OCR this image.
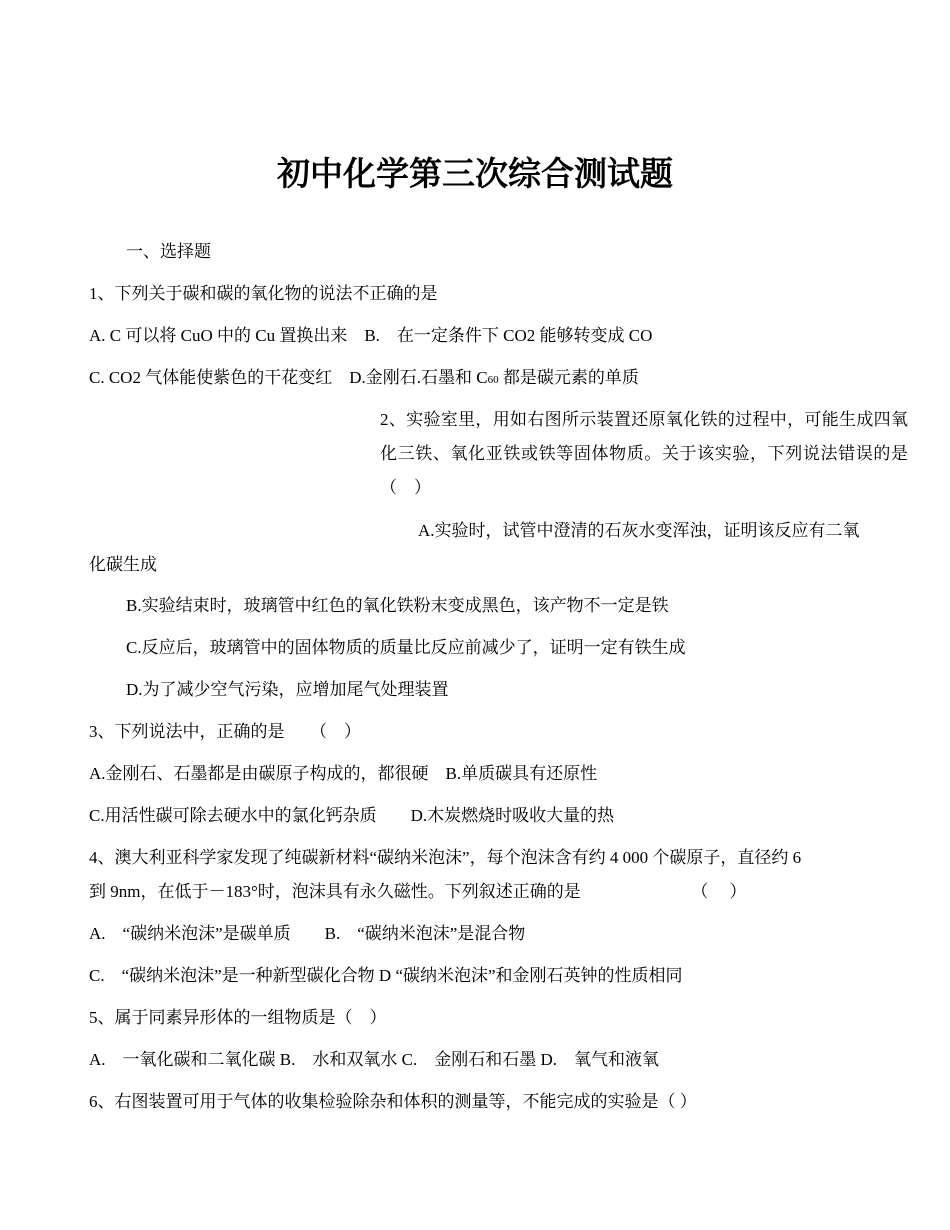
初中化学第三次综合测试题
一、选择题
1、下列关于碳和碳的氧化物的说法不正确的是
A. C 可以将 CuO 中的 Cu 置换出来　B.　在一定条件下 CO2 能够转变成 CO
C. CO2 气体能使紫色的干花变红　D.金刚石.石墨和 C60 都是碳元素的单质
2、实验室里，用如右图所示装置还原氧化铁的过程中，可能生成四氧化三铁、氧化亚铁或铁等固体物质。关于该实验，下列说法错误的是（　）
A.实验时，试管中澄清的石灰水变浑浊，证明该反应有二氧
化碳生成
B.实验结束时，玻璃管中红色的氧化铁粉末变成黑色，该产物不一定是铁
C.反应后，玻璃管中的固体物质的质量比反应前减少了，证明一定有铁生成
D.为了减少空气污染，应增加尾气处理装置
3、下列说法中，正确的是　　（　）
A.金刚石、石墨都是由碳原子构成的，都很硬　B.单质碳具有还原性
C.用活性碳可除去硬水中的氯化钙杂质　　D.木炭燃烧时吸收大量的热
4、澳大利亚科学家发现了纯碳新材料“碳纳米泡沫”，每个泡沫含有约 4 000 个碳原子，直径约 6
到 9nm，在低于－183°时，泡沫具有永久磁性。下列叙述正确的是　　　　　　　（　 ）
A.　“碳纳米泡沫”是碳单质　　B.　“碳纳米泡沫”是混合物
C.　“碳纳米泡沫”是一种新型碳化合物 D “碳纳米泡沫”和金刚石英钟的性质相同
5、属于同素异形体的一组物质是（　）
A.　一氧化碳和二氧化碳 B.　水和双氧水 C.　金刚石和石墨 D.　氧气和液氧
6、右图装置可用于气体的收集检验除杂和体积的测量等，不能完成的实验是（ ）
